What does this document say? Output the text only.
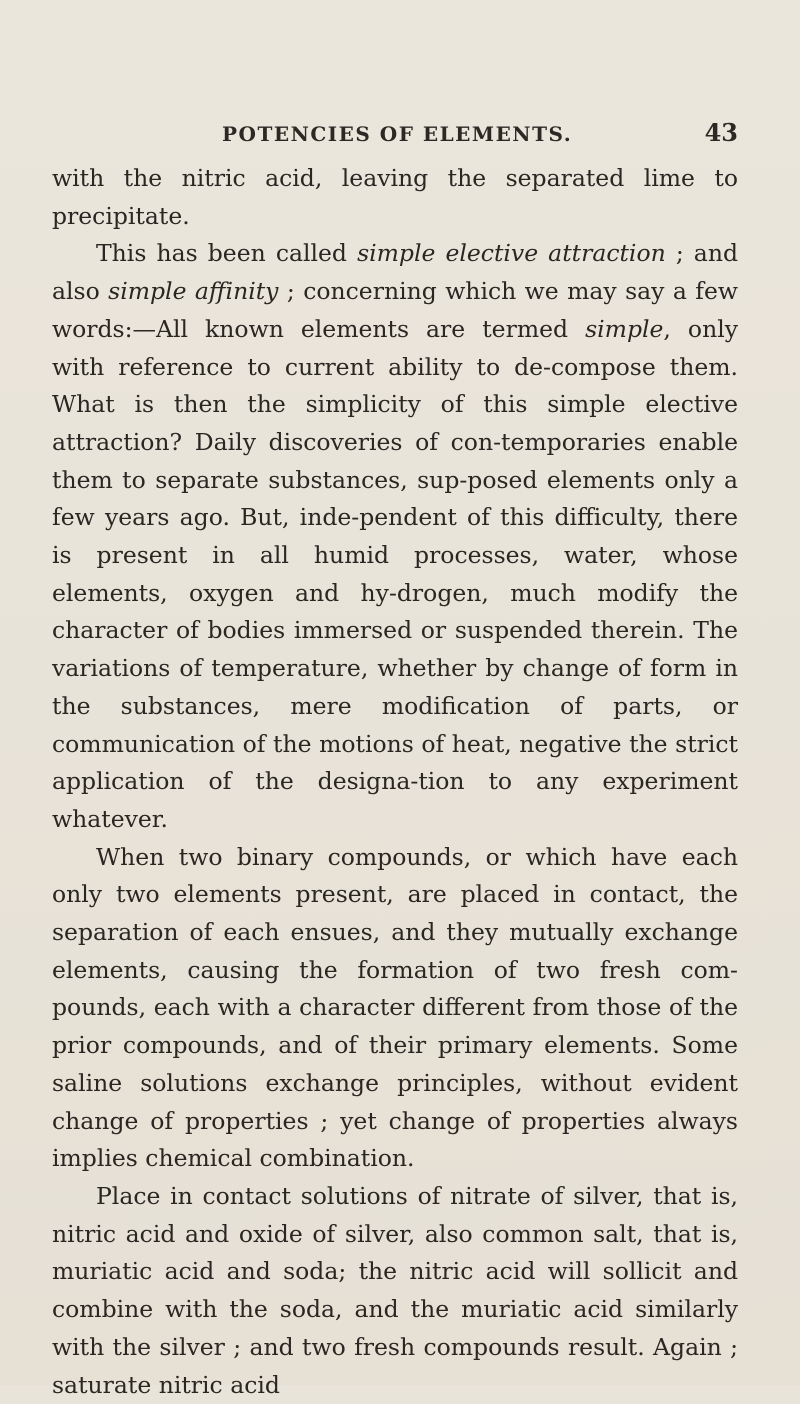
POTENCIES OF ELEMENTS.	43

with the nitric acid, leaving the separated lime to precipitate.

This has been called simple elective attraction ; and also simple affinity ; concerning which we may say a few words:—All known elements are termed simple, only with reference to current ability to de-compose them. What is then the simplicity of this simple elective attraction? Daily discoveries of con-temporaries enable them to separate substances, sup-posed elements only a few years ago. But, inde-pendent of this difficulty, there is present in all humid processes, water, whose elements, oxygen and hy-drogen, much modify the character of bodies immersed or suspended therein. The variations of temperature, whether by change of form in the substances, mere modification of parts, or communication of the motions of heat, negative the strict application of the designa-tion to any experiment whatever.

When two binary compounds, or which have each only two elements present, are placed in contact, the separation of each ensues, and they mutually exchange elements, causing the formation of two fresh com-pounds, each with a character different from those of the prior compounds, and of their primary elements. Some saline solutions exchange principles, without evident change of properties ; yet change of properties always implies chemical combination.

Place in contact solutions of nitrate of silver, that is, nitric acid and oxide of silver, also common salt, that is, muriatic acid and soda; the nitric acid will sollicit and combine with the soda, and the muriatic acid similarly with the silver ; and two fresh compounds result. Again ; saturate nitric acid
